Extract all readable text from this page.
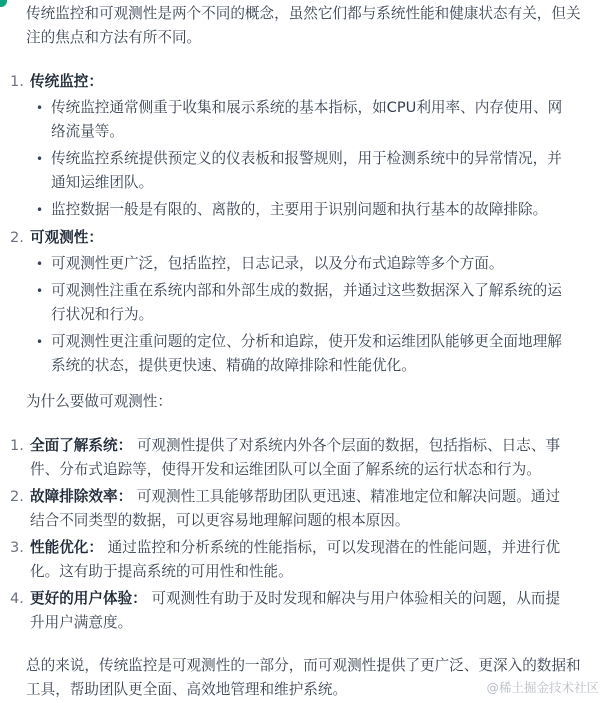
传统监控和可观测性是两个不同的概念，虽然它们都与系统性能和健康状态有关，但关注的焦点和方法有所不同。

1. 传统监控：
• 传统监控通常侧重于收集和展示系统的基本指标，如CPU利用率、内存使用、网络流量等。
• 传统监控系统提供预定义的仪表板和报警规则，用于检测系统中的异常情况，并通知运维团队。
• 监控数据一般是有限的、离散的，主要用于识别问题和执行基本的故障排除。
2. 可观测性：
• 可观测性更广泛，包括监控，日志记录，以及分布式追踪等多个方面。
• 可观测性注重在系统内部和外部生成的数据，并通过这些数据深入了解系统的运行状况和行为。
• 可观测性更注重问题的定位、分析和追踪，使开发和运维团队能够更全面地理解系统的状态，提供更快速、精确的故障排除和性能优化。

为什么要做可观测性：

1. 全面了解系统： 可观测性提供了对系统内外各个层面的数据，包括指标、日志、事件、分布式追踪等，使得开发和运维团队可以全面了解系统的运行状态和行为。
2. 故障排除效率： 可观测性工具能够帮助团队更迅速、精准地定位和解决问题。通过结合不同类型的数据，可以更容易地理解问题的根本原因。
3. 性能优化： 通过监控和分析系统的性能指标，可以发现潜在的性能问题，并进行优化。这有助于提高系统的可用性和性能。
4. 更好的用户体验： 可观测性有助于及时发现和解决与用户体验相关的问题，从而提升用户满意度。

总的来说，传统监控是可观测性的一部分，而可观测性提供了更广泛、更深入的数据和工具，帮助团队更全面、高效地管理和维护系统。	@稀土掘金技术社区
